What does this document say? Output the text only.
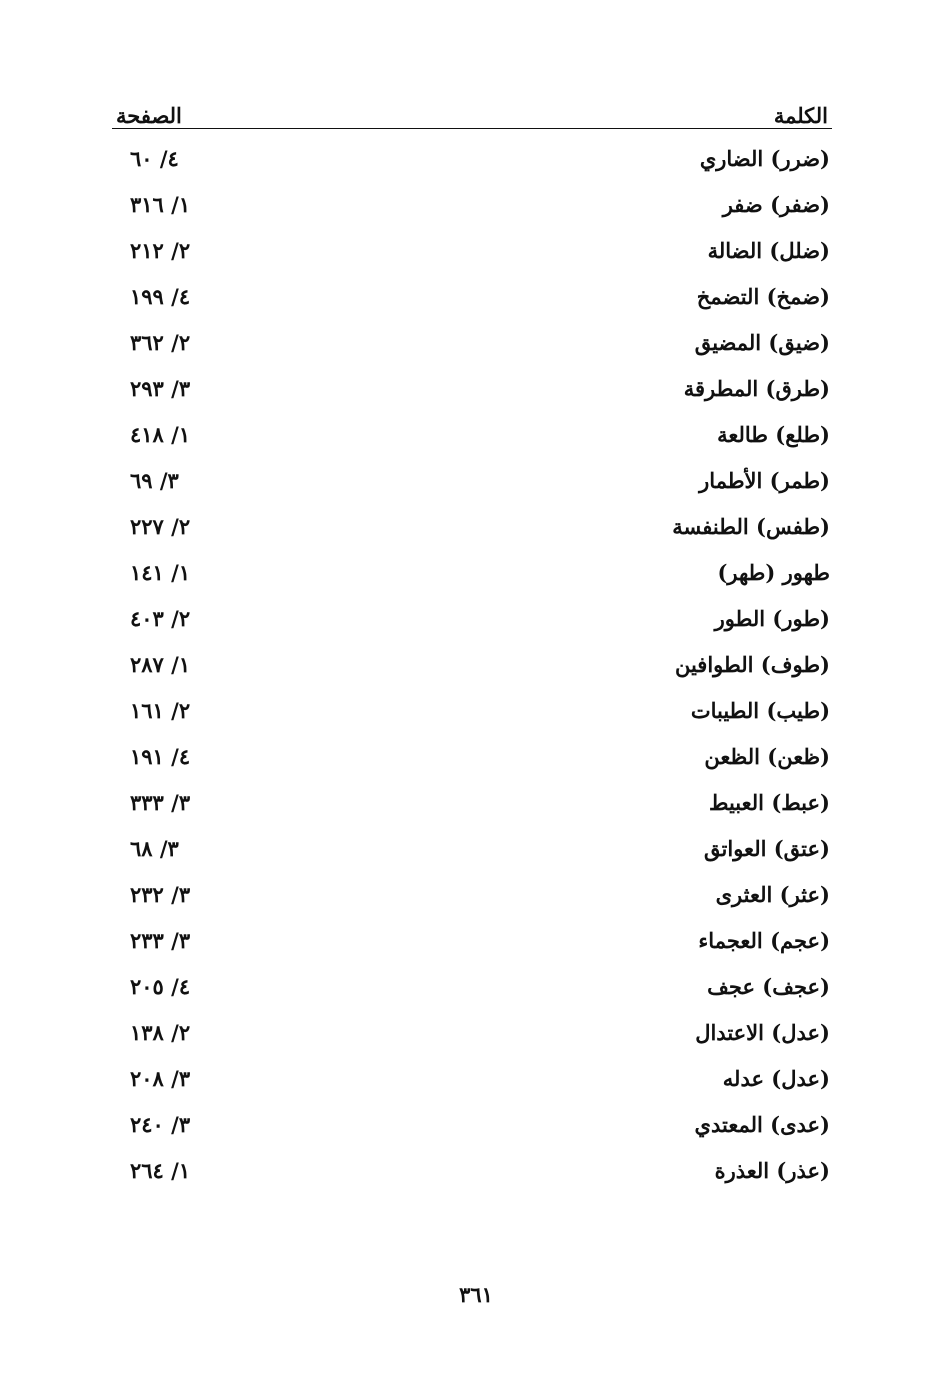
الكلمة
الصفحة
(ضرر) الضاري
٤/ ٦٠
(ضفر) ضفر
١/ ٣١٦
(ضلل) الضالة
٢/ ٢١٢
(ضمخ) التضمخ
٤/ ١٩٩
(ضيق) المضيق
٢/ ٣٦٢
(طرق) المطرقة
٣/ ٢٩٣
(طلع) طالعة
١/ ٤١٨
(طمر) الأطمار
٣/ ٦٩
(طفس) الطنفسة
٢/ ٢٢٧
طهور (طهر)
١/ ١٤١
(طور) الطور
٢/ ٤٠٣
(طوف) الطوافين
١/ ٢٨٧
(طيب) الطيبات
٢/ ١٦١
(ظعن) الظعن
٤/ ١٩١
(عبط) العبيط
٣/ ٣٣٣
(عتق) العواتق
٣/ ٦٨
(عثر) العثرى
٣/ ٢٣٢
(عجم) العجماء
٣/ ٢٣٣
(عجف) عجف
٤/ ٢٠٥
(عدل) الاعتدال
٢/ ١٣٨
(عدل) عدله
٣/ ٢٠٨
(عدى) المعتدي
٣/ ٢٤٠
(عذر) العذرة
١/ ٢٦٤
٣٦١
